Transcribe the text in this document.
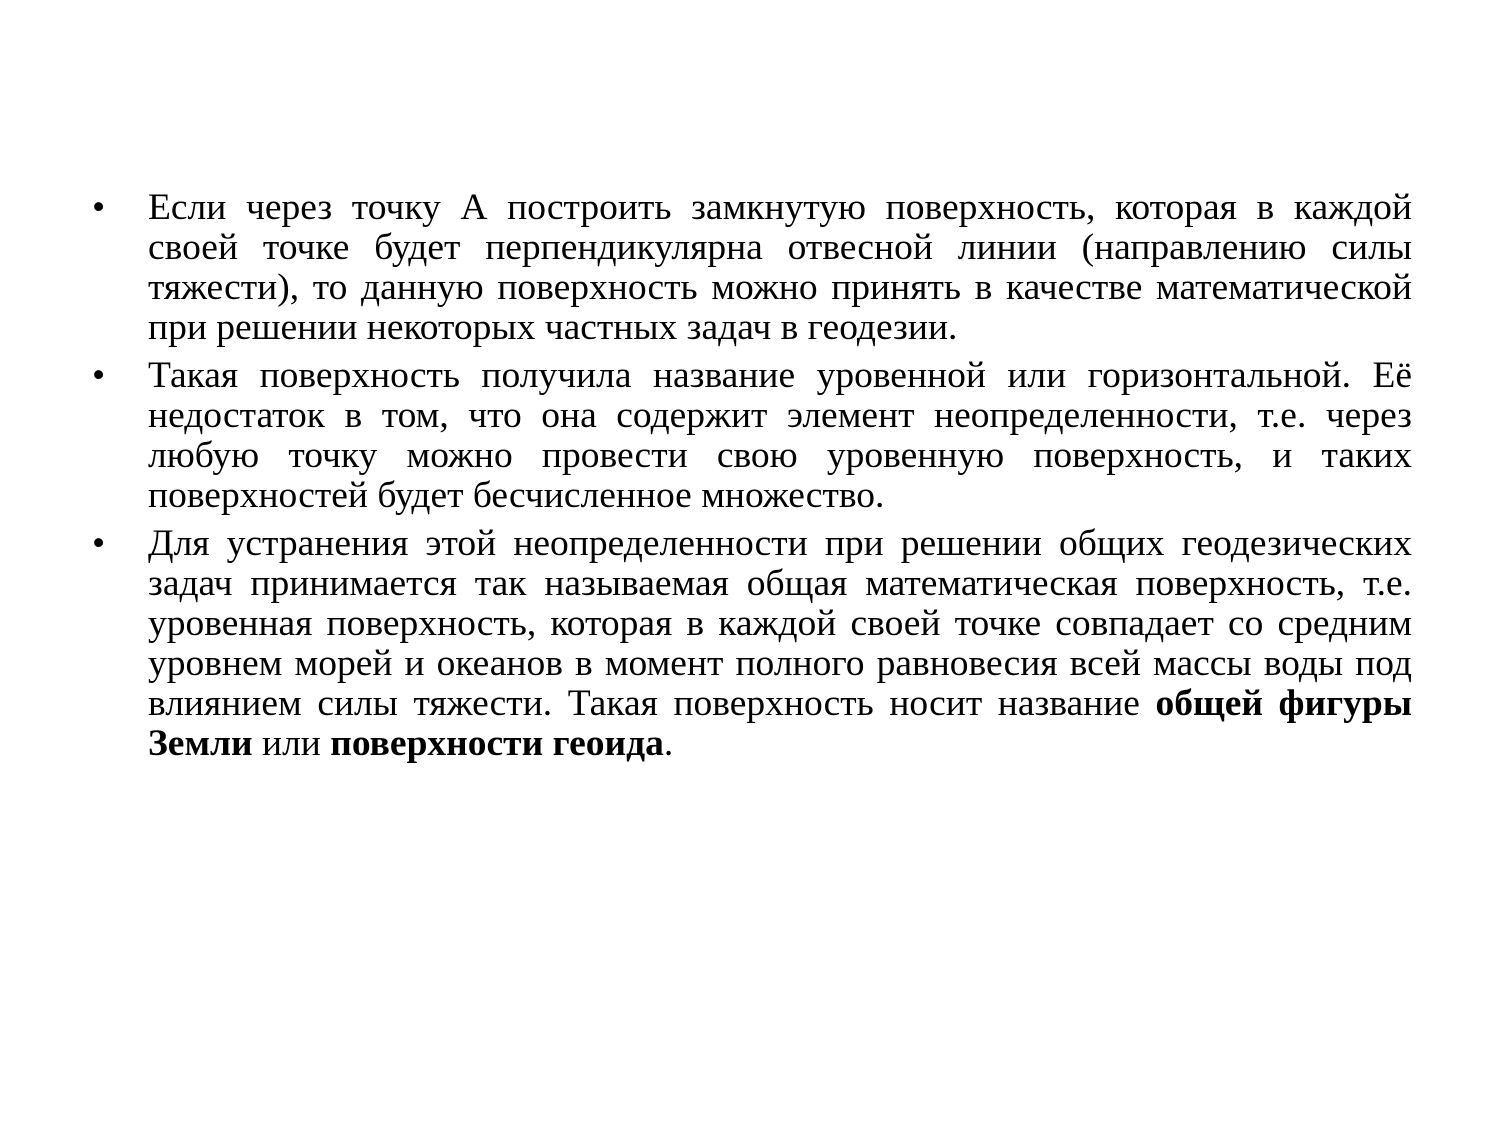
• Если через точку А построить замкнутую поверхность, которая в каждой своей точке будет перпендикулярна отвесной линии (направлению силы тяжести), то данную поверхность можно принять в качестве математической при решении некоторых частных задач в геодезии.
• Такая поверхность получила название уровенной или горизонтальной. Её недостаток в том, что она содержит элемент неопределенности, т.е. через любую точку можно провести свою уровенную поверхность, и таких поверхностей будет бесчисленное множество.
• Для устранения этой неопределенности при решении общих геодезических задач принимается так называемая общая математическая поверхность, т.е. уровенная поверхность, которая в каждой своей точке совпадает со средним уровнем морей и океанов в момент полного равновесия всей массы воды под влиянием силы тяжести. Такая поверхность носит название общей фигуры Земли или поверхности геоида.
